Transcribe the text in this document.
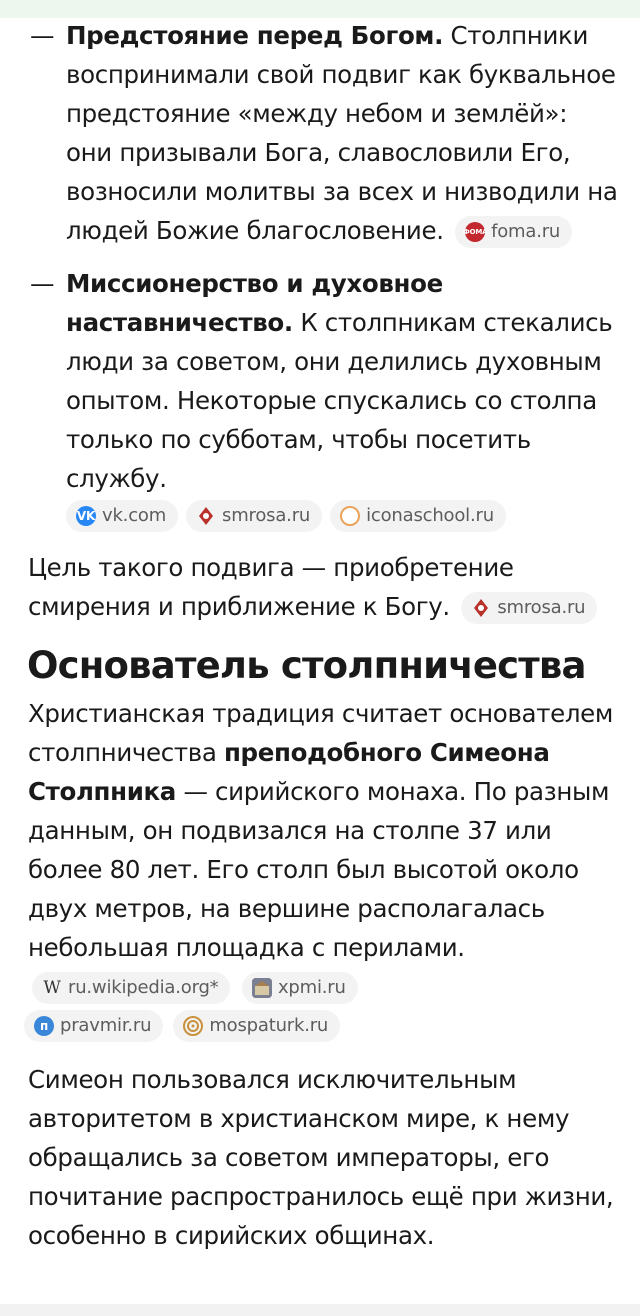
— Предстояние перед Богом. Столпники воспринимали свой подвиг как буквальное предстояние «между небом и землёй»: они призывали Бога, славословили Его, возносили молитвы за всех и низводили на людей Божие благословение.	ФОМА foma.ru
— Миссионерство и духовное наставничество. К столпникам стекались люди за советом, они делились духовным опытом. Некоторые спускались со столпа только по субботам, чтобы посетить службу.
VK vk.com	smrosa.ru	iconaschool.ru
Цель такого подвига — приобретение смирения и приближение к Богу.	smrosa.ru
Основатель столпничества
Христианская традиция считает основателем столпничества преподобного Симеона Столпника — сирийского монаха. По разным данным, он подвизался на столпе 37 или более 80 лет. Его столп был высотой около двух метров, на вершине располагалась небольшая площадка с перилами.
W ru.wikipedia.org*
	xpmi.ru
п pravmir.ru	mospaturk.ru
Симеон пользовался исключительным авторитетом в христианском мире, к нему обращались за советом императоры, его почитание распространилось ещё при жизни, особенно в сирийских общинах.
